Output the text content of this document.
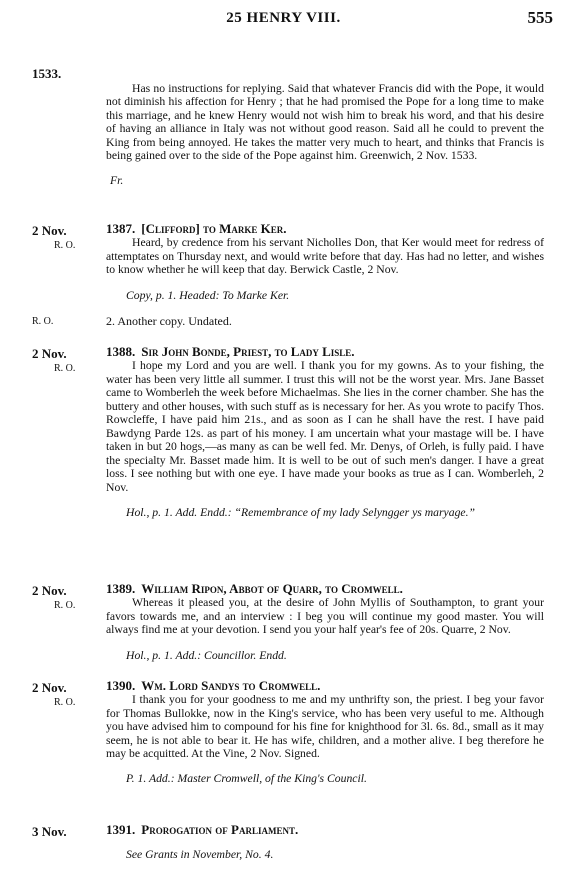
25 HENRY VIII.	555
1533.

Has no instructions for replying. Said that whatever Francis did with the Pope, it would not diminish his affection for Henry ; that he had promised the Pope for a long time to make this marriage, and he knew Henry would not wish him to break his word, and that his desire of having an alliance in Italy was not without good reason. Said all he could to prevent the King from being annoyed. He takes the matter very much to heart, and thinks that Francis is being gained over to the side of the Pope against him. Greenwich, 2 Nov. 1533.

Fr.

2 Nov.
R. O.
1387. [Clifford] to Marke Ker.

Heard, by credence from his servant Nicholles Don, that Ker would meet for redress of attemptates on Thursday next, and would write before that day. Has had no letter, and wishes to know whether he will keep that day. Berwick Castle, 2 Nov.

Copy, p. 1. Headed: To Marke Ker.

R. O.	2. Another copy. Undated.
2 Nov.
R. O.
1388. Sir John Bonde, Priest, to Lady Lisle.

I hope my Lord and you are well. I thank you for my gowns. As to your fishing, the water has been very little all summer. I trust this will not be the worst year. Mrs. Jane Basset came to Womberleh the week before Michaelmas. She lies in the corner chamber. She has the buttery and other houses, with such stuff as is necessary for her. As you wrote to pacify Thos. Rowcleffe, I have paid him 21s., and as soon as I can he shall have the rest. I have paid Bawdyng Parde 12s. as part of his money. I am uncertain what your mastage will be. I have taken in but 20 hogs,—as many as can be well fed. Mr. Denys, of Orleh, is fully paid. I have the specialty Mr. Basset made him. It is well to be out of such men's danger. I have a great loss. I see nothing but with one eye. I have made your books as true as I can. Womberleh, 2 Nov.

Hol., p. 1. Add. Endd.: “Remembrance of my lady Selyngger ys maryage.”

2 Nov.
R. O.
1389. William Ripon, Abbot of Quarr, to Cromwell.

Whereas it pleased you, at the desire of John Myllis of Southampton, to grant your favors towards me, and an interview : I beg you will continue my good master. You will always find me at your devotion. I send you your half year's fee of 20s. Quarre, 2 Nov.

Hol., p. 1. Add.: Councillor. Endd.

2 Nov.
R. O.
1390. Wm. Lord Sandys to Cromwell.

I thank you for your goodness to me and my unthrifty son, the priest. I beg your favor for Thomas Bullokke, now in the King's service, who has been very useful to me. Although you have advised him to compound for his fine for knighthood for 3l. 6s. 8d., small as it may seem, he is not able to bear it. He has wife, children, and a mother alive. I beg therefore he may be acquitted. At the Vine, 2 Nov. Signed.

P. 1. Add.: Master Cromwell, of the King's Council.

3 Nov.	1391. Prorogation of Parliament.

See Grants in November, No. 4.
